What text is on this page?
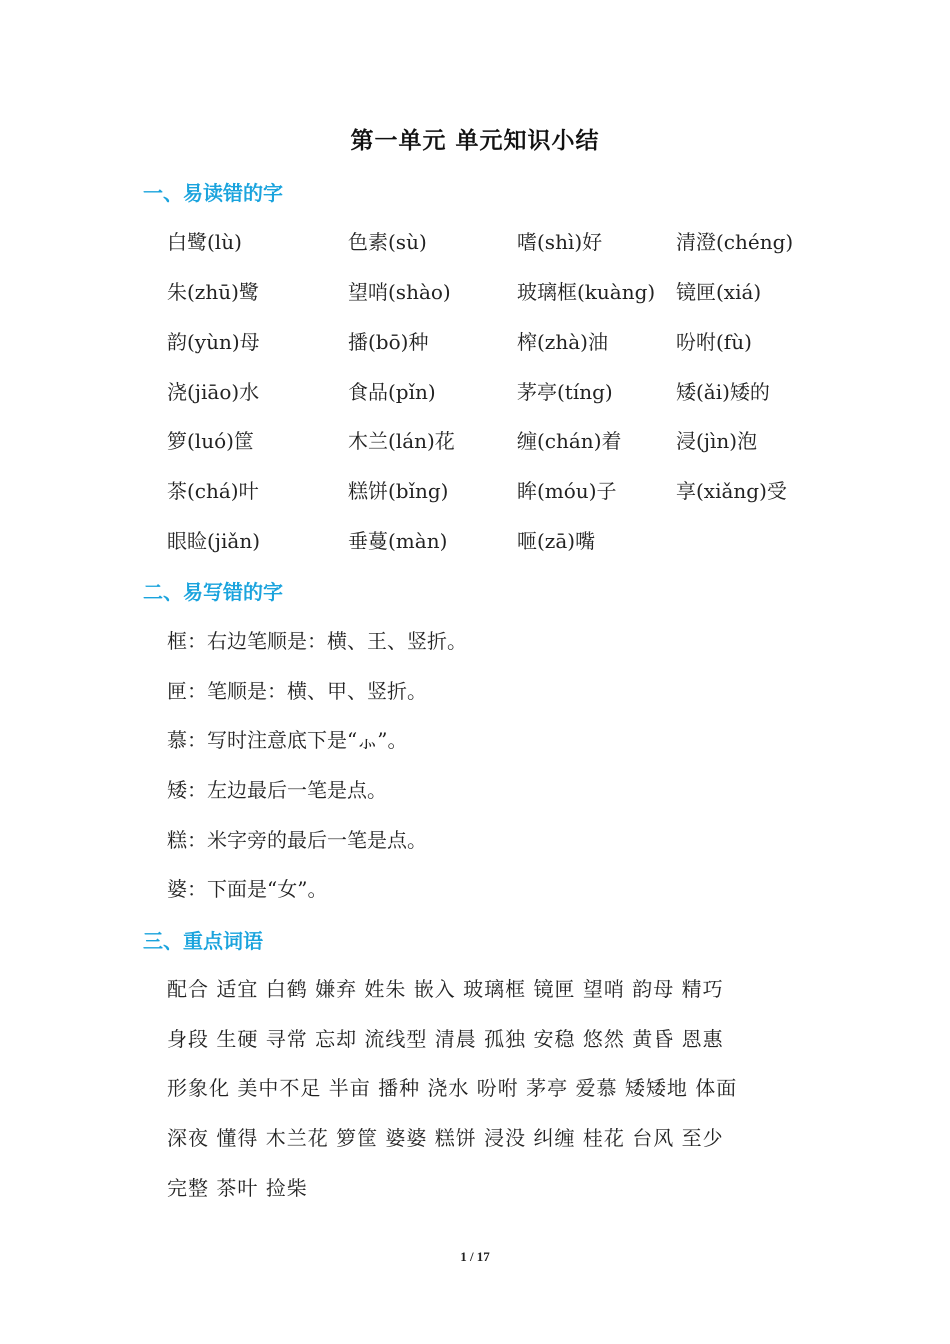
第一单元 单元知识小结
一、易读错的字
白鹭(lù)	色素(sù)	嗜(shì)好	清澄(chéng)
朱(zhū)鹭	望哨(shào)	玻璃框(kuàng) 镜匣(xiá)
韵(yùn)母	播(bō)种	榨(zhà)油	吩咐(fù)
浇(jiāo)水	食品(pǐn)	茅亭(tíng)	矮(ǎi)矮的
箩(luó)筐	木兰(lán)花	缠(chán)着	浸(jìn)泡
茶(chá)叶	糕饼(bǐng)	眸(móu)子	享(xiǎng)受
眼睑(jiǎn)	垂蔓(màn)	咂(zā)嘴
二、易写错的字
框：右边笔顺是：横、王、竖折。
匣：笔顺是：横、甲、竖折。
慕：写时注意底下是“⺗”。
矮：左边最后一笔是点。
糕：米字旁的最后一笔是点。
婆：下面是“女”。
三、重点词语
配合 适宜 白鹤 嫌弃 姓朱 嵌入 玻璃框 镜匣 望哨 韵母 精巧
身段 生硬 寻常 忘却 流线型 清晨 孤独 安稳 悠然 黄昏 恩惠
形象化 美中不足 半亩 播种 浇水 吩咐 茅亭 爱慕 矮矮地 体面
深夜 懂得 木兰花 箩筐 婆婆 糕饼 浸没 纠缠 桂花 台风 至少
完整 茶叶 捡柴
1 / 17
